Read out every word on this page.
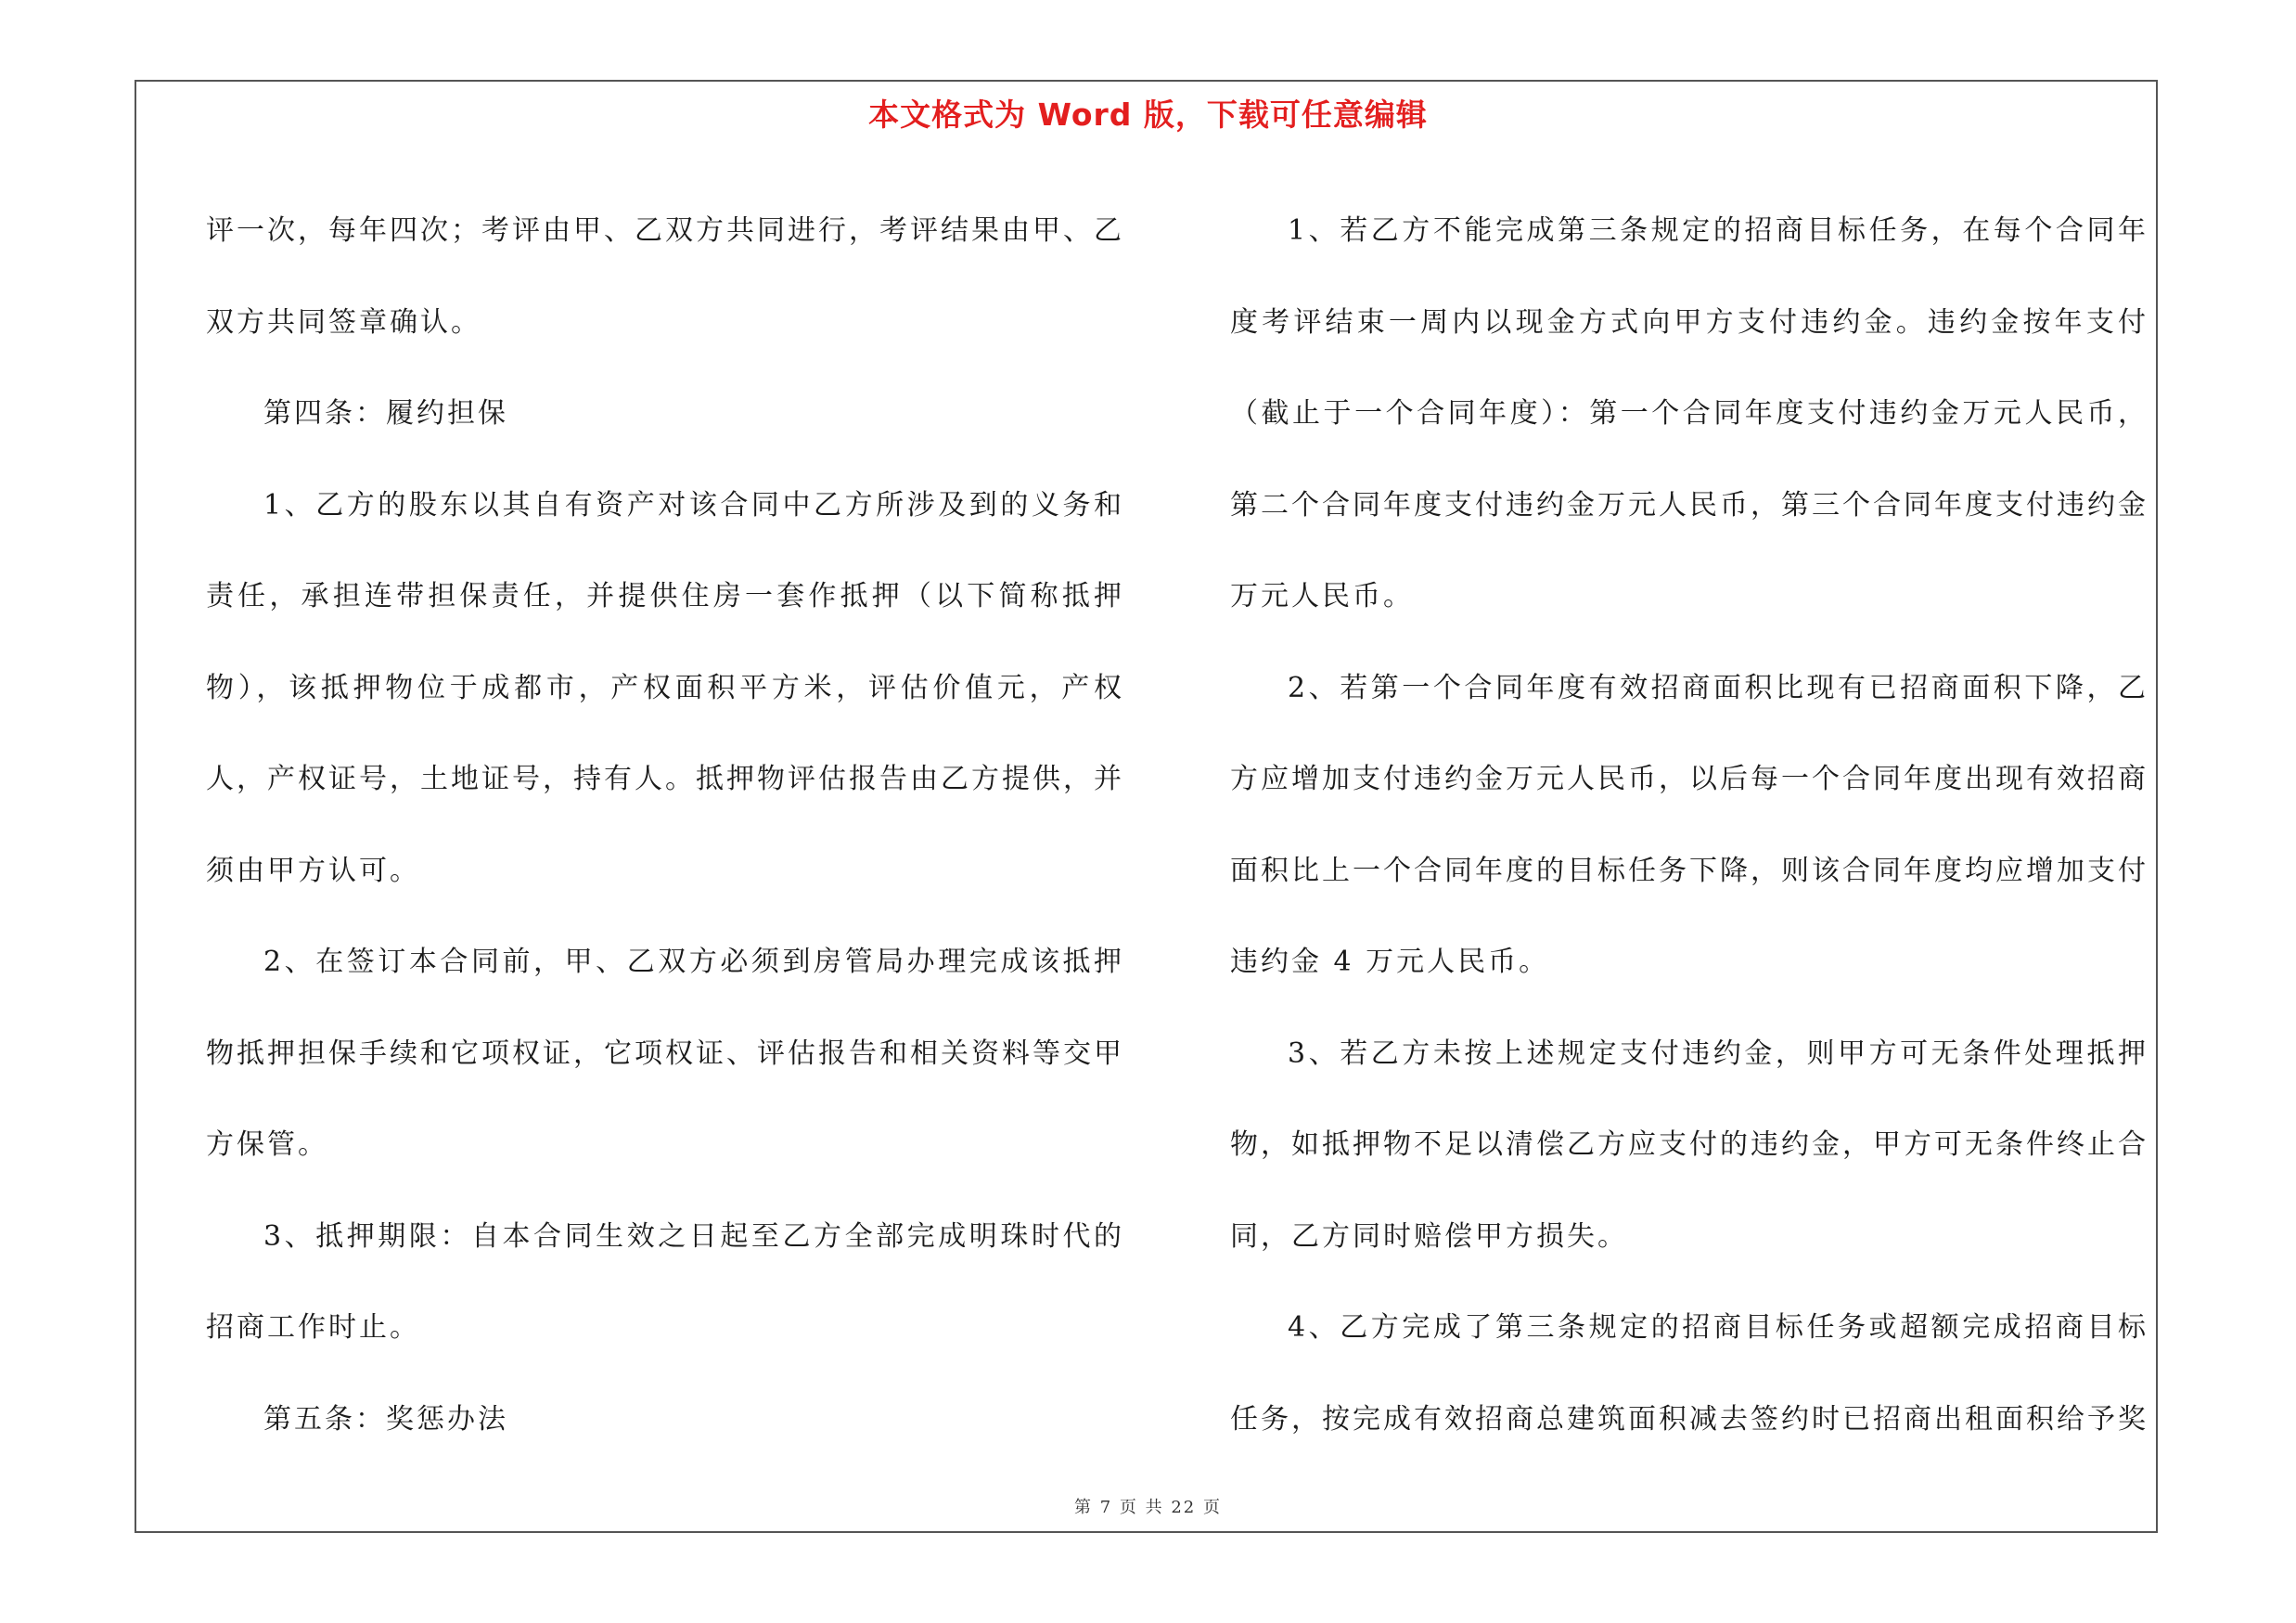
本文格式为 Word 版，下载可任意编辑

评一次，每年四次；考评由甲、乙双方共同进行，考评结果由甲、乙双方共同签章确认。

第四条：履约担保

1、乙方的股东以其自有资产对该合同中乙方所涉及到的义务和责任，承担连带担保责任，并提供住房一套作抵押（以下简称抵押物），该抵押物位于成都市，产权面积平方米，评估价值元，产权人，产权证号，土地证号，持有人。抵押物评估报告由乙方提供，并须由甲方认可。

2、在签订本合同前，甲、乙双方必须到房管局办理完成该抵押物抵押担保手续和它项权证，它项权证、评估报告和相关资料等交甲方保管。

3、抵押期限：自本合同生效之日起至乙方全部完成明珠时代的招商工作时止。

第五条：奖惩办法

1、若乙方不能完成第三条规定的招商目标任务，在每个合同年度考评结束一周内以现金方式向甲方支付违约金。违约金按年支付（截止于一个合同年度）：第一个合同年度支付违约金万元人民币，第二个合同年度支付违约金万元人民币，第三个合同年度支付违约金万元人民币。

2、若第一个合同年度有效招商面积比现有已招商面积下降，乙方应增加支付违约金万元人民币，以后每一个合同年度出现有效招商面积比上一个合同年度的目标任务下降，则该合同年度均应增加支付违约金 4 万元人民币。

3、若乙方未按上述规定支付违约金，则甲方可无条件处理抵押物，如抵押物不足以清偿乙方应支付的违约金，甲方可无条件终止合同，乙方同时赔偿甲方损失。

4、乙方完成了第三条规定的招商目标任务或超额完成招商目标任务，按完成有效招商总建筑面积减去签约时已招商出租面积给予奖

第 7 页 共 22 页
